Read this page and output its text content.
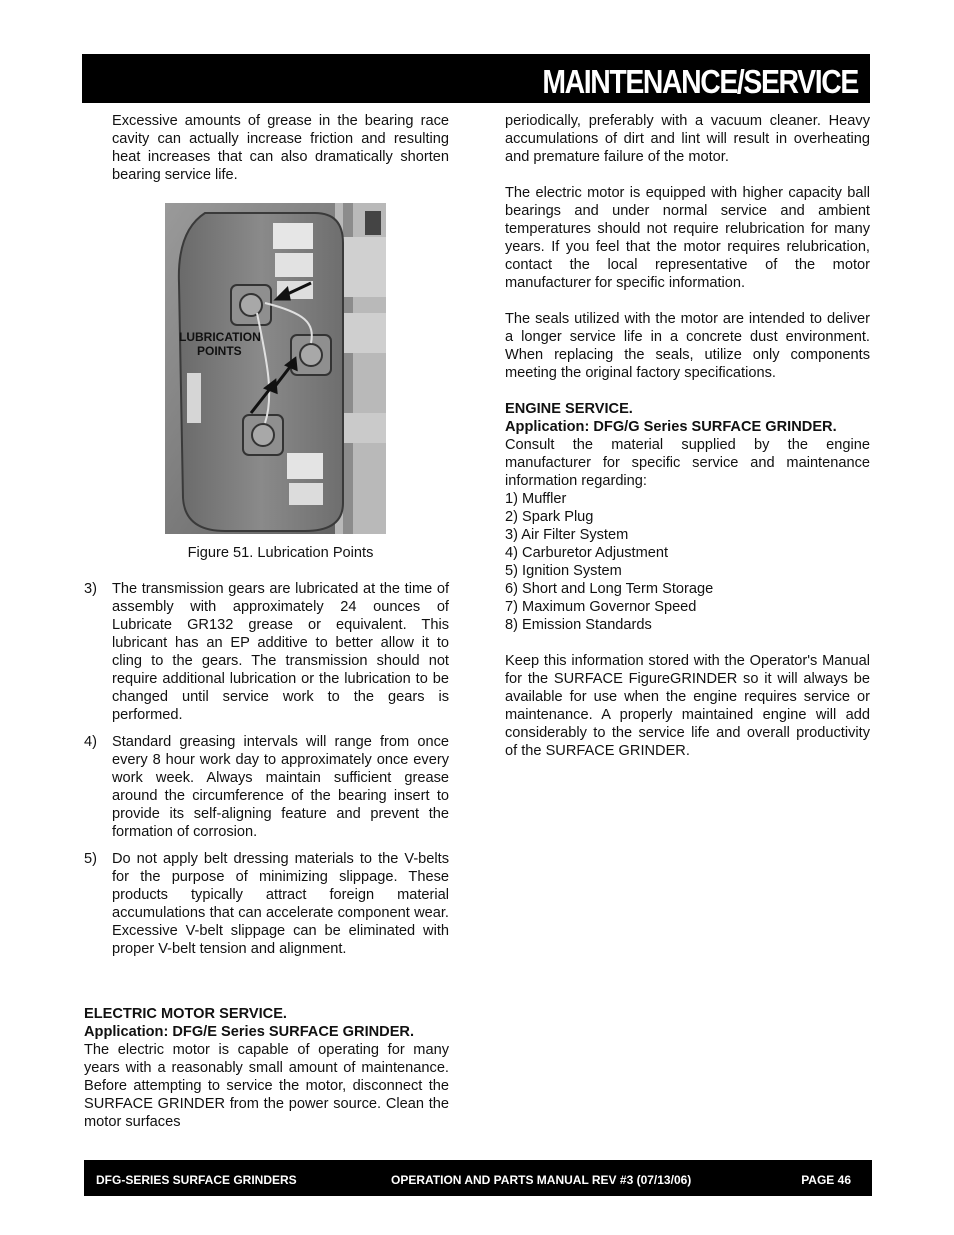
MAINTENANCE/SERVICE

Excessive amounts of grease in the bearing race cavity can actually increase friction and resulting heat increases that can also dramatically shorten bearing service life.

LUBRICATION
POINTS
Figure 51. Lubrication Points
3) The transmission gears are lubricated at the time of assembly with approximately 24 ounces of Lubricate GR132 grease or equivalent. This lubricant has an EP additive to better allow it to cling to the gears. The transmission should not require additional lubrication or the lubrication to be changed until service work to the gears is performed.
4) Standard greasing intervals will range from once every 8 hour work day to approximately once every work week. Always maintain sufficient grease around the circumference of the bearing insert to provide its self-aligning feature and prevent the formation of corrosion.
5) Do not apply belt dressing materials to the V-belts for the purpose of minimizing slippage. These products typically attract foreign material accumulations that can accelerate component wear. Excessive V-belt slippage can be eliminated with proper V-belt tension and alignment.

ELECTRIC MOTOR SERVICE.

Application: DFG/E Series SURFACE GRINDER.

The electric motor is capable of operating for many years with a reasonably small amount of maintenance. Before attempting to service the motor, disconnect the SURFACE GRINDER from the power source. Clean the motor surfaces

periodically, preferably with a vacuum cleaner. Heavy accumulations of dirt and lint will result in overheating and premature failure of the motor.

The electric motor is equipped with higher capacity ball bearings and under normal service and ambient temperatures should not require relubrication for many years. If you feel that the motor requires relubrication, contact the local representative of the motor manufacturer for specific information.

The seals utilized with the motor are intended to deliver a longer service life in a concrete dust environment. When replacing the seals, utilize only components meeting the original factory specifications.

ENGINE SERVICE.

Application: DFG/G Series SURFACE GRINDER.

Consult the material supplied by the engine manufacturer for specific service and maintenance information regarding:

1) Muffler
2) Spark Plug
3) Air Filter System
4) Carburetor Adjustment
5) Ignition System
6) Short and Long Term Storage
7) Maximum Governor Speed
8) Emission Standards

Keep this information stored with the Operator's Manual for the SURFACE FigureGRINDER so it will always be available for use when the engine requires service or maintenance. A properly maintained engine will add considerably to the service life and overall productivity of the SURFACE GRINDER.

DFG-SERIES SURFACE GRINDERS	OPERATION AND PARTS MANUAL REV #3 (07/13/06)	PAGE 46
